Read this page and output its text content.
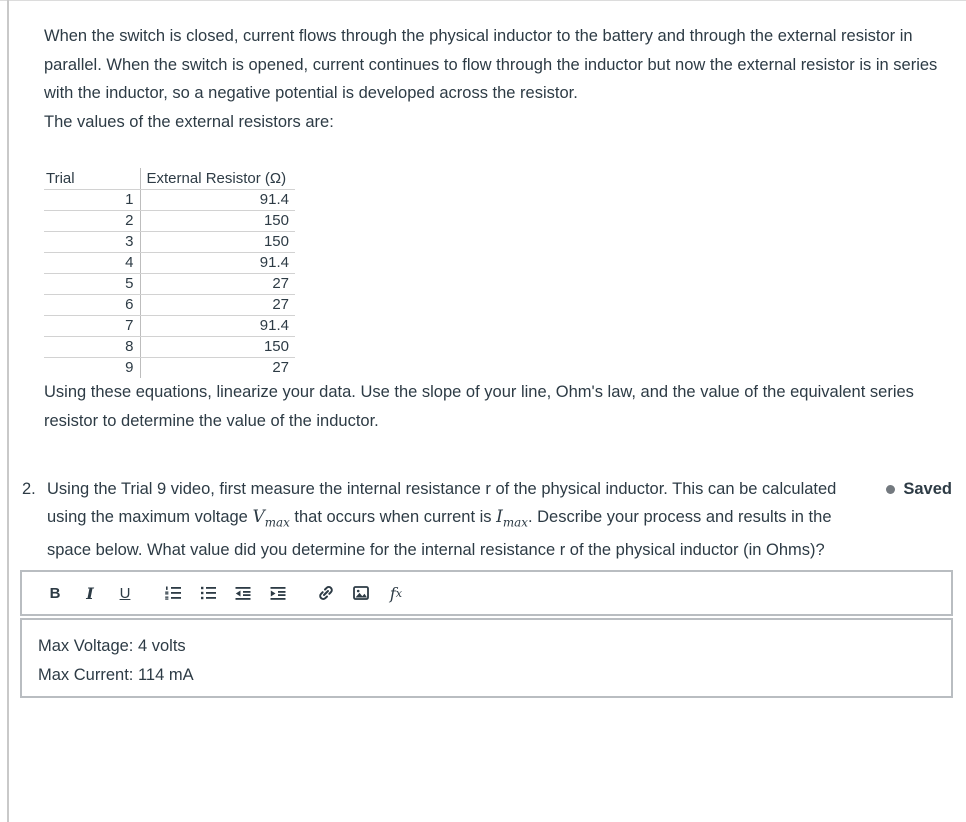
When the switch is closed, current flows through the physical inductor to the battery and through the external resistor in parallel. When the switch is opened, current continues to flow through the inductor but now the external resistor is in series with the inductor, so a negative potential is developed across the resistor.

The values of the external resistors are:

Trial	External Resistor (Ω)
1	91.4
2	150
3	150
4	91.4
5	27
6	27
7	91.4
8	150
9	27

Using these equations, linearize your data. Use the slope of your line, Ohm's law, and the value of the equivalent series resistor to determine the value of the inductor.

2. Using the Trial 9 video, first measure the internal resistance r of the physical inductor. This can be calculated using the maximum voltage $V_{max}$ that occurs when current is $I_{max}$. Describe your process and results in the space below. What value did you determine for the internal resistance r of the physical inductor (in Ohms)?
Saved
B	I	U	f x

Max Voltage: 4 volts

Max Current: 114 mA
